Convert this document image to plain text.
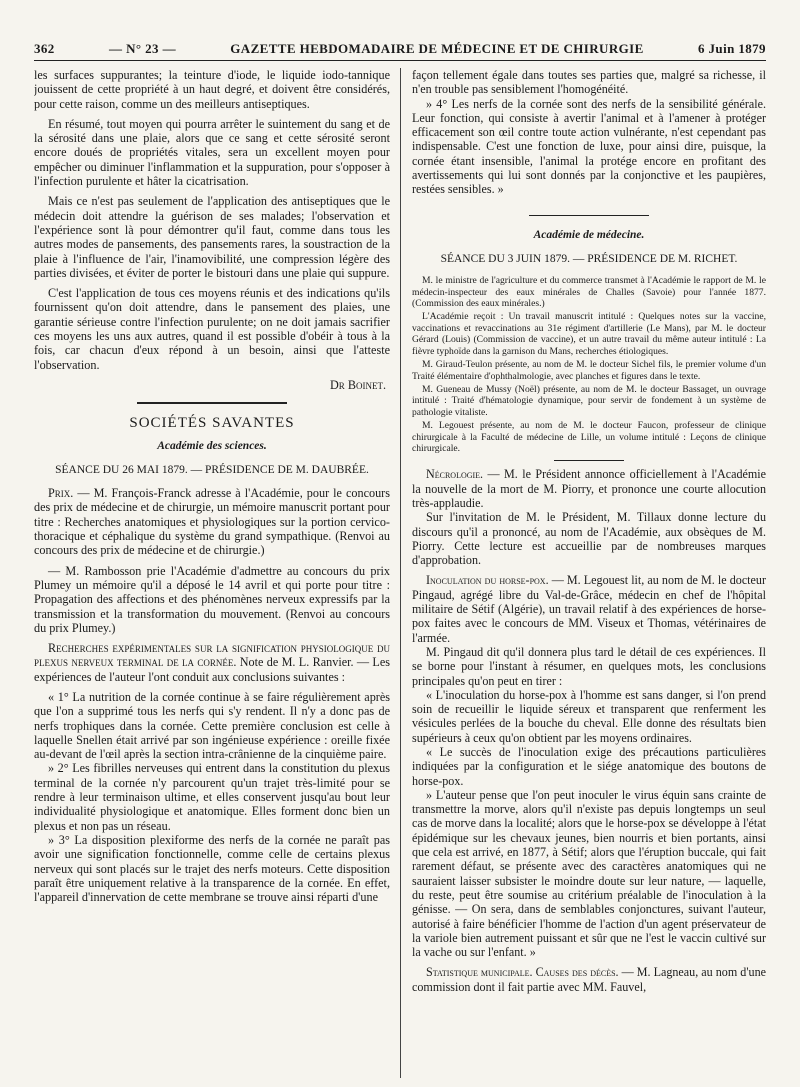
362	— N° 23 —	GAZETTE HEBDOMADAIRE DE MÉDECINE ET DE CHIRURGIE	6 Juin 1879

les surfaces suppurantes; la teinture d'iode, le liquide iodo-tannique jouissent de cette propriété à un haut degré, et doivent être considérés, pour cette raison, comme un des meilleurs antiseptiques.

En résumé, tout moyen qui pourra arrêter le suintement du sang et de la sérosité dans une plaie, alors que ce sang et cette sérosité seront encore doués de propriétés vitales, sera un excellent moyen pour empêcher ou diminuer l'inflammation et la suppuration, pour s'opposer à l'infection purulente et hâter la cicatrisation.

Mais ce n'est pas seulement de l'application des antiseptiques que le médecin doit attendre la guérison de ses malades; l'observation et l'expérience sont là pour démontrer qu'il faut, comme dans tous les autres modes de pansements, des pansements rares, la soustraction de la plaie à l'influence de l'air, l'inamovibilité, une compression légère des parties divisées, et éviter de porter le bistouri dans une plaie qui suppure.

C'est l'application de tous ces moyens réunis et des indications qu'ils fournissent qu'on doit attendre, dans le pansement des plaies, une garantie sérieuse contre l'infection purulente; on ne doit jamais sacrifier ces moyens les uns aux autres, quand il est possible d'obéir à tous à la fois, car chacun d'eux répond à un besoin, ainsi que l'atteste l'observation.

Dr Boinet.
SOCIÉTÉS SAVANTES
Académie des sciences.
SÉANCE DU 26 MAI 1879. — PRÉSIDENCE DE M. DAUBRÉE.

Prix. — M. François-Franck adresse à l'Académie, pour le concours des prix de médecine et de chirurgie, un mémoire manuscrit portant pour titre : Recherches anatomiques et physiologiques sur la portion cervico-thoracique et céphalique du système du grand sympathique. (Renvoi au concours des prix de médecine et de chirurgie.)

— M. Rambosson prie l'Académie d'admettre au concours du prix Plumey un mémoire qu'il a déposé le 14 avril et qui porte pour titre : Propagation des affections et des phénomènes nerveux expressifs par la transmission et la transformation du mouvement. (Renvoi au concours du prix Plumey.)

Recherches expérimentales sur la signification physiologique du plexus nerveux terminal de la cornée. Note de M. L. Ranvier. — Les expériences de l'auteur l'ont conduit aux conclusions suivantes :

« 1° La nutrition de la cornée continue à se faire régulièrement après que l'on a supprimé tous les nerfs qui s'y rendent. Il n'y a donc pas de nerfs trophiques dans la cornée. Cette première conclusion est celle à laquelle Snellen était arrivé par son ingénieuse expérience : oreille fixée au-devant de l'œil après la section intra-crânienne de la cinquième paire.

» 2° Les fibrilles nerveuses qui entrent dans la constitution du plexus terminal de la cornée n'y parcourent qu'un trajet très-limité pour se rendre à leur terminaison ultime, et elles conservent jusqu'au bout leur individualité physiologique et anatomique. Elles forment donc bien un plexus et non pas un réseau.

» 3° La disposition plexiforme des nerfs de la cornée ne paraît pas avoir une signification fonctionnelle, comme celle de certains plexus nerveux qui sont placés sur le trajet des nerfs moteurs. Cette disposition paraît être uniquement relative à la transparence de la cornée. En effet, l'appareil d'innervation de cette membrane se trouve ainsi réparti d'une

façon tellement égale dans toutes ses parties que, malgré sa richesse, il n'en trouble pas sensiblement l'homogénéité.

» 4° Les nerfs de la cornée sont des nerfs de la sensibilité générale. Leur fonction, qui consiste à avertir l'animal et à l'amener à protéger efficacement son œil contre toute action vulnérante, n'est cependant pas indispensable. C'est une fonction de luxe, pour ainsi dire, puisque, la cornée étant insensible, l'animal la protége encore en profitant des avertissements qui lui sont donnés par la conjonctive et les paupières, restées sensibles. »

Académie de médecine.
SÉANCE DU 3 JUIN 1879. — PRÉSIDENCE DE M. RICHET.

M. le ministre de l'agriculture et du commerce transmet à l'Académie le rapport de M. le médecin-inspecteur des eaux minérales de Challes (Savoie) pour l'année 1877. (Commission des eaux minérales.)

L'Académie reçoit : Un travail manuscrit intitulé : Quelques notes sur la vaccine, vaccinations et revaccinations au 31e régiment d'artillerie (Le Mans), par M. le docteur Gérard (Louis) (Commission de vaccine), et un autre travail du même auteur intitulé : La fièvre typhoïde dans la garnison du Mans, recherches étiologiques.

M. Giraud-Teulon présente, au nom de M. le docteur Sichel fils, le premier volume d'un Traité élémentaire d'ophthalmologie, avec planches et figures dans le texte.

M. Gueneau de Mussy (Noël) présente, au nom de M. le docteur Bassaget, un ouvrage intitulé : Traité d'hématologie dynamique, pour servir de fondement à un système de pathologie vitaliste.

M. Legouest présente, au nom de M. le docteur Faucon, professeur de clinique chirurgicale à la Faculté de médecine de Lille, un volume intitulé : Leçons de clinique chirurgicale.

Nécrologie. — M. le Président annonce officiellement à l'Académie la nouvelle de la mort de M. Piorry, et prononce une courte allocution très-applaudie.

Sur l'invitation de M. le Président, M. Tillaux donne lecture du discours qu'il a prononcé, au nom de l'Académie, aux obsèques de M. Piorry. Cette lecture est accueillie par de nombreuses marques d'approbation.

Inoculation du horse-pox. — M. Legouest lit, au nom de M. le docteur Pingaud, agrégé libre du Val-de-Grâce, médecin en chef de l'hôpital militaire de Sétif (Algérie), un travail relatif à des expériences de horse-pox faites avec le concours de MM. Viseux et Thomas, vétérinaires de l'armée.

M. Pingaud dit qu'il donnera plus tard le détail de ces expériences. Il se borne pour l'instant à résumer, en quelques mots, les conclusions principales qu'on peut en tirer :

« L'inoculation du horse-pox à l'homme est sans danger, si l'on prend soin de recueillir le liquide séreux et transparent que renferment les vésicules perlées de la bouche du cheval. Elle donne des résultats bien supérieurs à ceux qu'on obtient par les moyens ordinaires.

« Le succès de l'inoculation exige des précautions particulières indiquées par la configuration et le siége anatomique des boutons de horse-pox.

» L'auteur pense que l'on peut inoculer le virus équin sans crainte de transmettre la morve, alors qu'il n'existe pas depuis longtemps un seul cas de morve dans la localité; alors que le horse-pox se développe à l'état épidémique sur les chevaux jeunes, bien nourris et bien portants, ainsi que cela est arrivé, en 1877, à Sétif; alors que l'éruption buccale, qui fait rarement défaut, se présente avec des caractères anatomiques qui ne sauraient laisser subsister le moindre doute sur leur nature, — laquelle, du reste, peut être soumise au critérium préalable de l'inoculation à la génisse. — On sera, dans de semblables conjonctures, suivant l'auteur, autorisé à faire bénéficier l'homme de l'action d'un agent préservateur de la variole bien autrement puissant et sûr que ne l'est le vaccin cultivé sur la vache ou sur l'enfant. »

Statistique municipale. Causes des décès. — M. Lagneau, au nom d'une commission dont il fait partie avec MM. Fauvel,
